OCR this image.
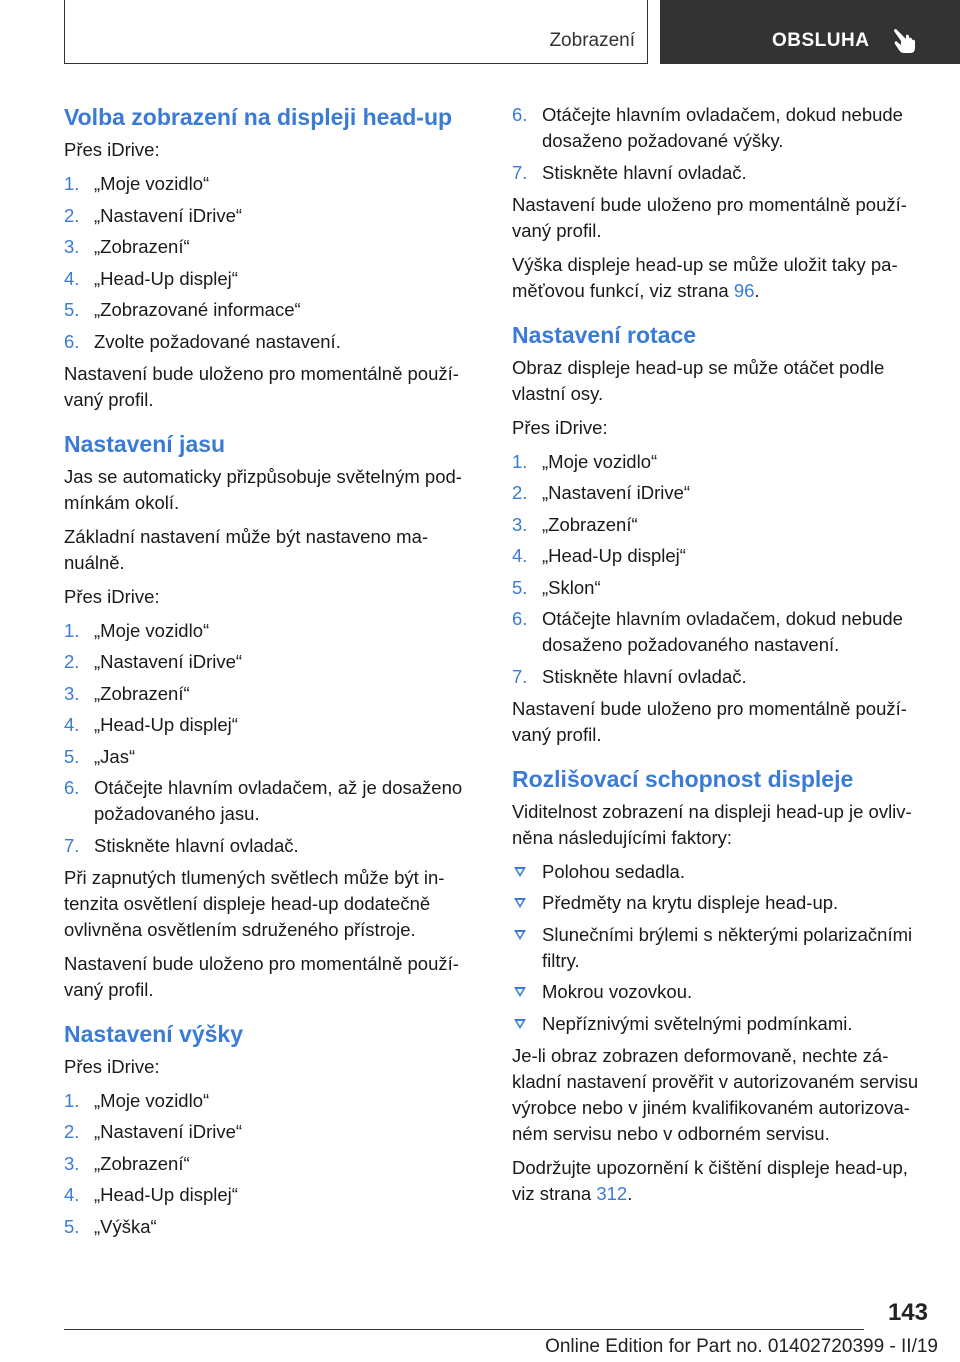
Zobrazení	OBSLUHA
Volba zobrazení na displeji head-up

Přes iDrive:

1. „Moje vozidlo“
2. „Nastavení iDrive“
3. „Zobrazení“
4. „Head-Up displej“
5. „Zobrazované informace“
6. Zvolte požadované nastavení.

Nastavení bude uloženo pro momentálně používaný profil.

Nastavení jasu

Jas se automaticky přizpůsobuje světelným podmínkám okolí.

Základní nastavení může být nastaveno manuálně.

Přes iDrive:

1. „Moje vozidlo“
2. „Nastavení iDrive“
3. „Zobrazení“
4. „Head-Up displej“
5. „Jas“
6. Otáčejte hlavním ovladačem, až je dosaženo požadovaného jasu.
7. Stiskněte hlavní ovladač.

Při zapnutých tlumených světlech může být intenzita osvětlení displeje head-up dodatečně ovlivněna osvětlením sdruženého přístroje.

Nastavení bude uloženo pro momentálně používaný profil.

Nastavení výšky

Přes iDrive:

1. „Moje vozidlo“
2. „Nastavení iDrive“
3. „Zobrazení“
4. „Head-Up displej“
5. „Výška“
6. Otáčejte hlavním ovladačem, dokud nebude dosaženo požadované výšky.
7. Stiskněte hlavní ovladač.

Nastavení bude uloženo pro momentálně používaný profil.

Výška displeje head-up se může uložit taky paměťovou funkcí, viz strana 96.

Nastavení rotace

Obraz displeje head-up se může otáčet podle vlastní osy.

Přes iDrive:

1. „Moje vozidlo“
2. „Nastavení iDrive“
3. „Zobrazení“
4. „Head-Up displej“
5. „Sklon“
6. Otáčejte hlavním ovladačem, dokud nebude dosaženo požadovaného nastavení.
7. Stiskněte hlavní ovladač.

Nastavení bude uloženo pro momentálně používaný profil.

Rozlišovací schopnost displeje

Viditelnost zobrazení na displeji head-up je ovlivněna následujícími faktory:

Polohou sedadla.
Předměty na krytu displeje head-up.
Slunečními brýlemi s některými polarizačními filtry.
Mokrou vozovkou.
Nepříznivými světelnými podmínkami.

Je-li obraz zobrazen deformovaně, nechte základní nastavení prověřit v autorizovaném servisu výrobce nebo v jiném kvalifikovaném autorizovaném servisu nebo v odborném servisu.

Dodržujte upozornění k čištění displeje head-up, viz strana 312.

143
Online Edition for Part no. 01402720399 - II/19
